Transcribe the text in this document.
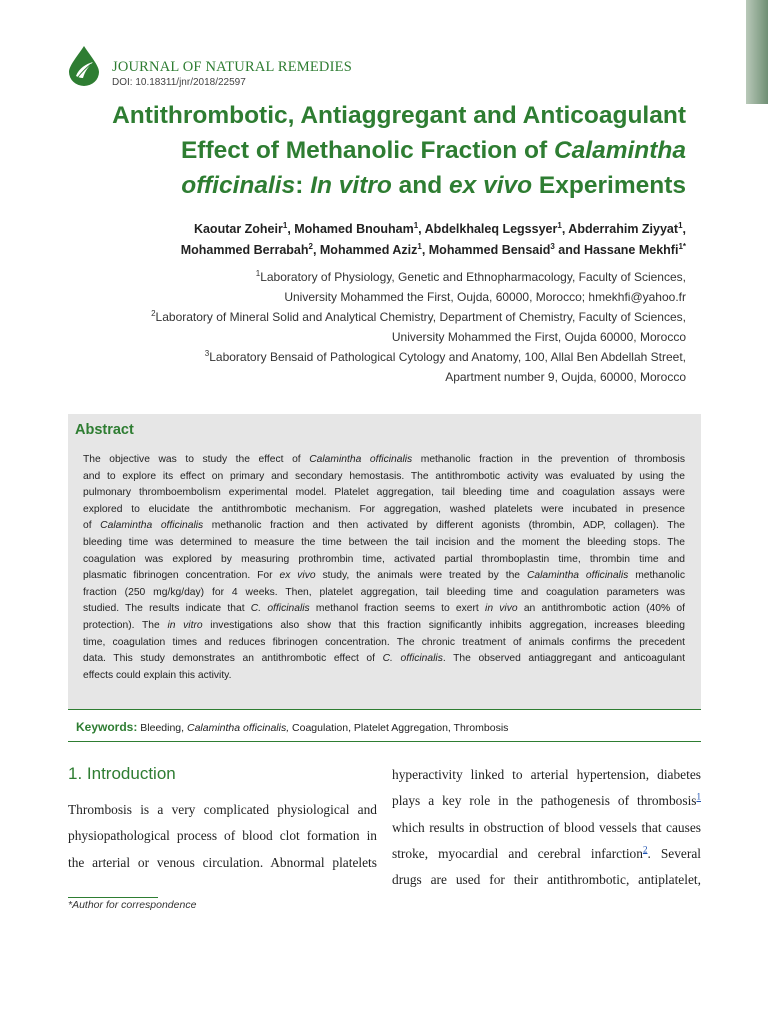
JOURNAL OF NATURAL REMEDIES
DOI: 10.18311/jnr/2018/22597
Antithrombotic, Antiaggregant and Anticoagulant
Effect of Methanolic Fraction of Calamintha
officinalis: In vitro and ex vivo Experiments
Kaoutar Zoheir$^1$, Mohamed Bnouham$^1$, Abdelkhaleq Legssyer$^1$, Abderrahim Ziyyat$^1$,
Mohammed Berrabah$^2$, Mohammed Aziz$^1$, Mohammed Bensaid$^3$ and Hassane Mekhfi$^{1*}$
$^1$Laboratory of Physiology, Genetic and Ethnopharmacology, Faculty of Sciences,
University Mohammed the First, Oujda, 60000, Morocco; hmekhfi@yahoo.fr
$^2$Laboratory of Mineral Solid and Analytical Chemistry, Department of Chemistry, Faculty of Sciences,
University Mohammed the First, Oujda 60000, Morocco
$^3$Laboratory Bensaid of Pathological Cytology and Anatomy, 100, Allal Ben Abdellah Street,
Apartment number 9, Oujda, 60000, Morocco
Abstract
The objective was to study the effect of Calamintha officinalis methanolic fraction in the prevention of thrombosis
and to explore its effect on primary and secondary hemostasis. The antithrombotic activity was evaluated by using the
pulmonary thromboembolism experimental model. Platelet aggregation, tail bleeding time and coagulation assays were
explored to elucidate the antithrombotic mechanism. For aggregation, washed platelets were incubated in presence
of Calamintha officinalis methanolic fraction and then activated by different agonists (thrombin, ADP, collagen). The
bleeding time was determined to measure the time between the tail incision and the moment the bleeding stops. The
coagulation was explored by measuring prothrombin time, activated partial thromboplastin time, thrombin time and
plasmatic fibrinogen concentration. For ex vivo study, the animals were treated by the Calamintha officinalis methanolic
fraction (250 mg/kg/day) for 4 weeks. Then, platelet aggregation, tail bleeding time and coagulation parameters was
studied. The results indicate that C. officinalis methanol fraction seems to exert in vivo an antithrombotic action (40% of
protection). The in vitro investigations also show that this fraction significantly inhibits aggregation, increases bleeding
time, coagulation times and reduces fibrinogen concentration. The chronic treatment of animals confirms the precedent
data. This study demonstrates an antithrombotic effect of C. officinalis. The observed antiaggregant and anticoagulant
effects could explain this activity.
Keywords: Bleeding, Calamintha officinalis, Coagulation, Platelet Aggregation, Thrombosis
1. Introduction
Thrombosis is a very complicated physiological and
physiopathological process of blood clot formation in
the arterial or venous circulation. Abnormal platelets
hyperactivity linked to arterial hypertension, diabetes
plays a key role in the pathogenesis of thrombosis$^1$
which results in obstruction of blood vessels that causes
stroke, myocardial and cerebral infarction$^2$. Several
drugs are used for their antithrombotic, antiplatelet,
*Author for correspondence
